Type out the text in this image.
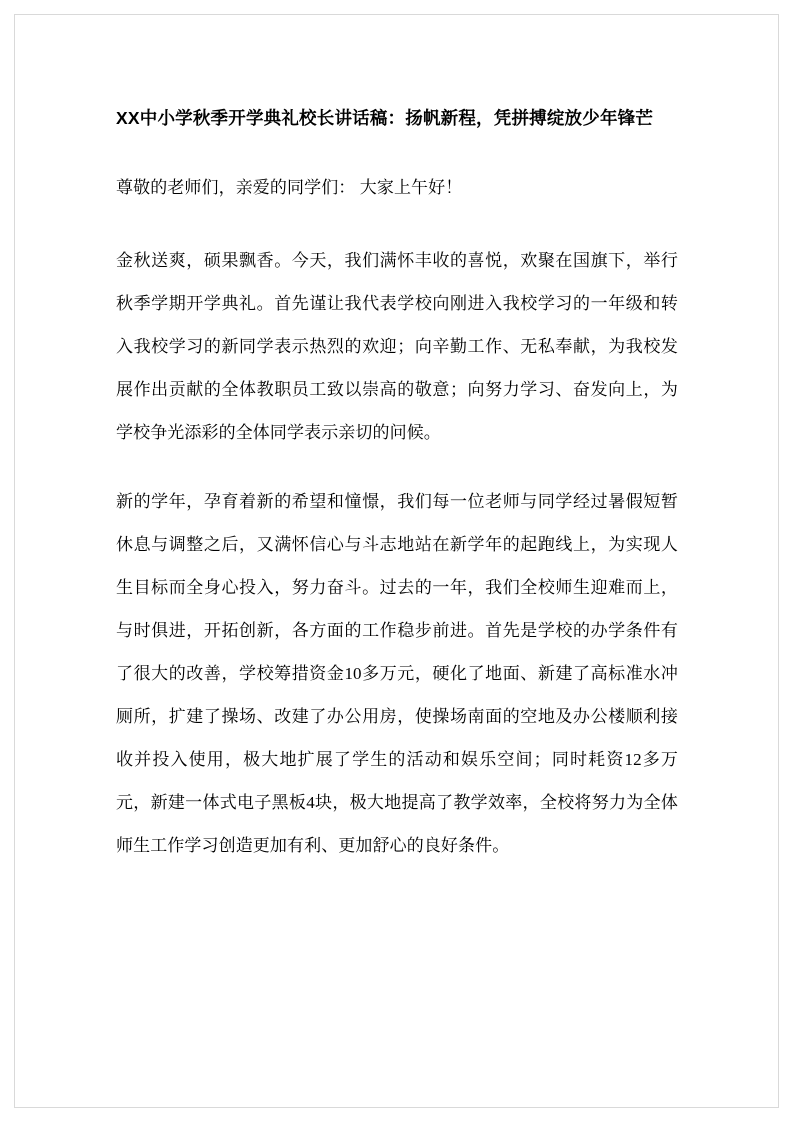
XX中小学秋季开学典礼校长讲话稿：扬帆新程，凭拼搏绽放少年锋芒

尊敬的老师们，亲爱的同学们： 大家上午好！

金秋送爽，硕果飘香。今天，我们满怀丰收的喜悦，欢聚在国旗下，举行秋季学期开学典礼。首先谨让我代表学校向刚进入我校学习的一年级和转入我校学习的新同学表示热烈的欢迎；向辛勤工作、无私奉献，为我校发展作出贡献的全体教职员工致以崇高的敬意；向努力学习、奋发向上，为学校争光添彩的全体同学表示亲切的问候。

新的学年，孕育着新的希望和憧憬，我们每一位老师与同学经过暑假短暂休息与调整之后，又满怀信心与斗志地站在新学年的起跑线上，为实现人生目标而全身心投入，努力奋斗。过去的一年，我们全校师生迎难而上，与时俱进，开拓创新，各方面的工作稳步前进。首先是学校的办学条件有了很大的改善，学校筹措资金10多万元，硬化了地面、新建了高标准水冲厕所，扩建了操场、改建了办公用房，使操场南面的空地及办公楼顺利接收并投入使用，极大地扩展了学生的活动和娱乐空间；同时耗资12多万元，新建一体式电子黑板4块，极大地提高了教学效率，全校将努力为全体师生工作学习创造更加有利、更加舒心的良好条件。
